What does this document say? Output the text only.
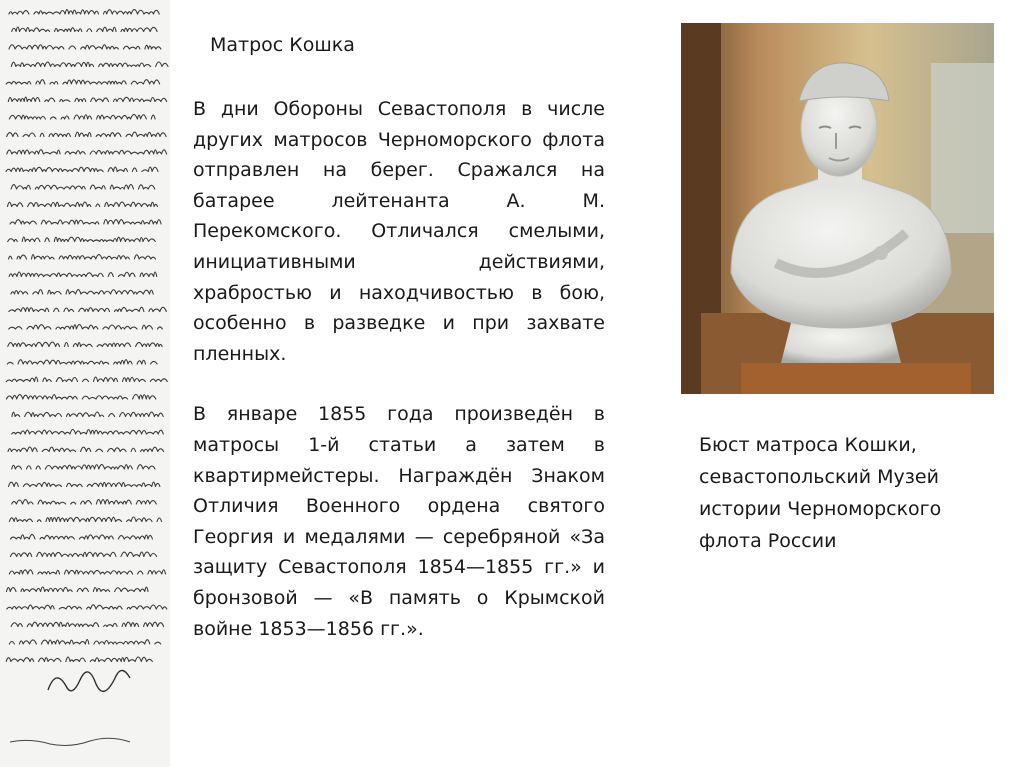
Матрос Кошка

В дни Обороны Севастополя в числе других матросов Черноморского флота отправлен на берег. Сражался на батарее лейтенанта А. М. Перекомского. Отличался смелыми, инициативными действиями, храбростью и находчивостью в бою, особенно в разведке и при захвате пленных.

В январе 1855 года произведён в матросы 1-й статьи а затем в квартирмейстеры. Награждён Знаком Отличия Военного ордена святого Георгия и медалями — серебряной «За защиту Севастополя 1854—1855 гг.» и бронзовой — «В память о Крымской войне 1853—1856 гг.».

Бюст матроса Кошки, севастопольский Музей истории Черноморского флота России
